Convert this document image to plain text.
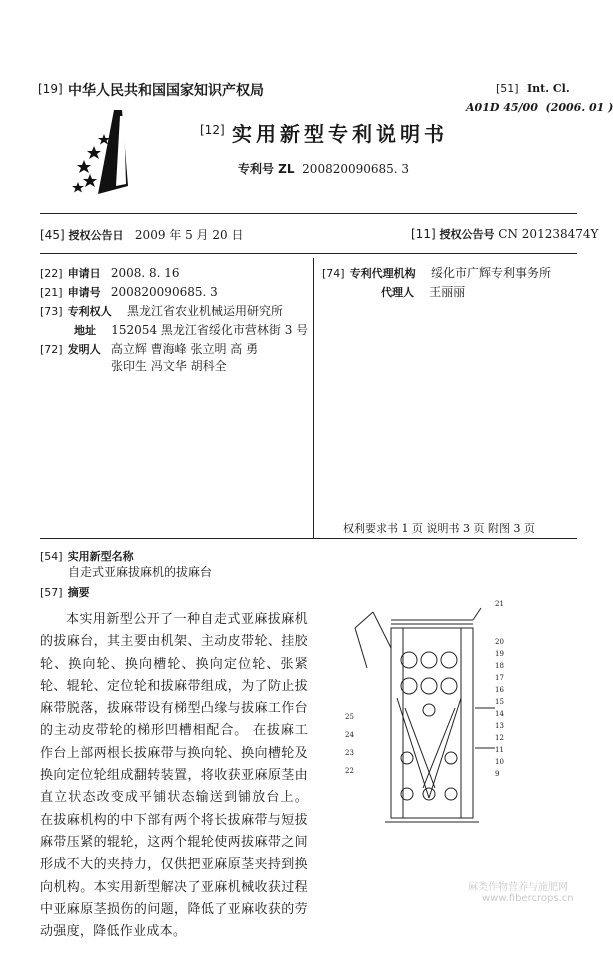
[19] 中华人民共和国国家知识产权局	[51] Int. Cl.
A01D 45/00 (2006. 01 )
[12] 实用新型专利说明书
专利号 ZL 200820090685. 3
[45] 授权公告日 2009 年 5 月 20 日	[11] 授权公告号 CN 201238474Y
[22] 申请日 2008. 8. 16
[21] 申请号 200820090685. 3
[73] 专利权人 黑龙江省农业机械运用研究所
地址 152054 黑龙江省绥化市营林街 3 号
[72] 发明人 高立辉 曹海峰 张立明 高 勇
张印生 冯文华 胡科全
[74] 专利代理机构 绥化市广辉专利事务所
代理人 王丽丽
权利要求书 1 页 说明书 3 页 附图 3 页
[54] 实用新型名称
自走式亚麻拔麻机的拔麻台
[57] 摘要

本实用新型公开了一种自走式亚麻拔麻机的拔麻台，其主要由机架、主动皮带轮、挂胶轮、换向轮、换向槽轮、换向定位轮、张紧轮、辊轮、定位轮和拔麻带组成，为了防止拔麻带脱落，拔麻带设有梯型凸缘与拔麻工作台的主动皮带轮的梯形凹槽相配合。 在拔麻工作台上部两根长拔麻带与换向轮、换向槽轮及换向定位轮组成翻转装置，将收获亚麻原茎由直立状态改变成平铺状态输送到铺放台上。 在拔麻机构的中下部有两个将长拔麻带与短拔麻带压紧的辊轮，这两个辊轮使两拔麻带之间形成不大的夹持力，仅供把亚麻原茎夹持到换向机构。本实用新型解决了亚麻机械收获过程中亚麻原茎损伤的问题，降低了亚麻收获的劳动强度，降低作业成本。

21
20
19
18
17
16
15
14
13
12
11
10
9
25
24
23
22
麻类作物营养与施肥网
www.fibercrops.cn
